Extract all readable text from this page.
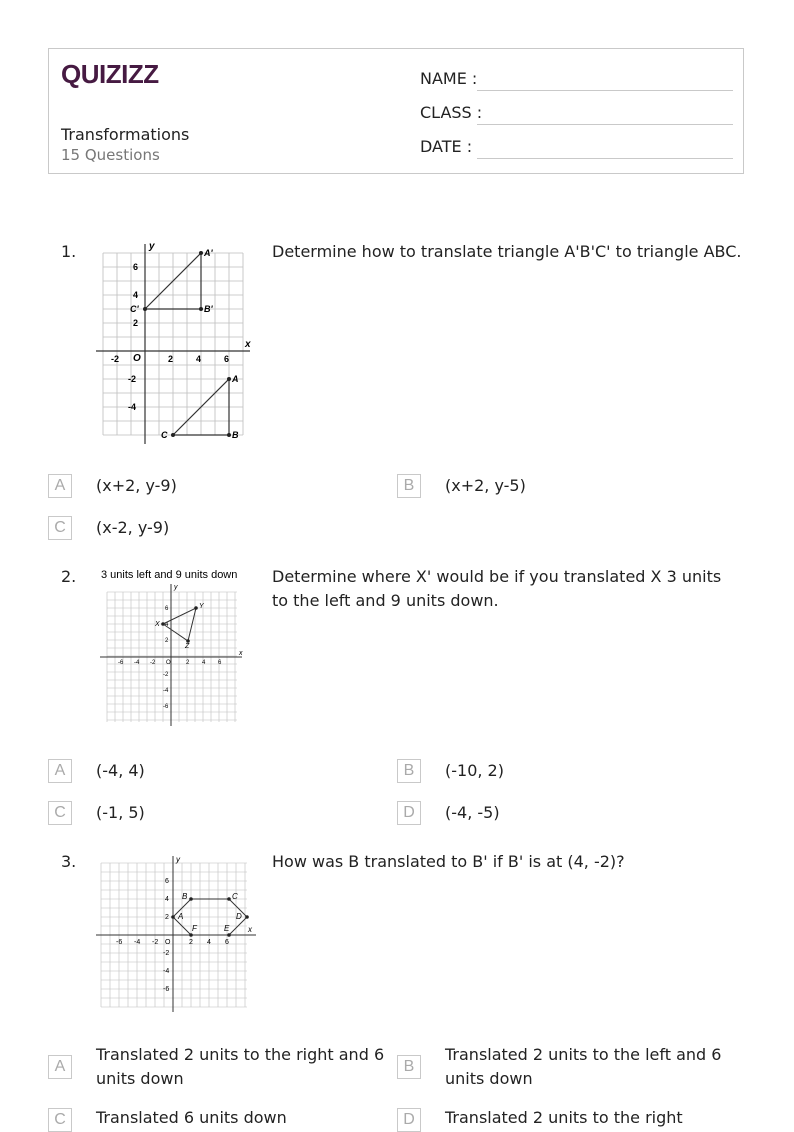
QUIZIZZ
Transformations
15 Questions
NAME :
CLASS :
DATE :
1.	Determine how to translate triangle A'B'C' to triangle ABC.
x
y
-2 O	2	4	6
6
4
2
-2
-4
A'
B'
C'
A
B
C
A	(x+2, y-9)	B	(x+2, y-5)
C	(x-2, y-9)
2.	Determine where X' would be if you translated X 3 units to the left and 9 units down.
3 units left and 9 units down
x
y
-6 -4 -2 O	2 4 6
6
4
2
-2
-4
-6
X
Y
Z
A	(-4, 4)	B	(-10, 2)
C	(-1, 5)	D	(-4, -5)
3.	How was B translated to B' if B' is at (4, -2)?
x
y
-6 -4 -2 O	2 4 6
6
4
2
-2
-4
-6
A
B	C
D
E
F
A
Translated 2 units to the right and 6 units down
B
Translated 2 units to the left and 6 units down
C	Translated 6 units down	D	Translated 2 units to the right
